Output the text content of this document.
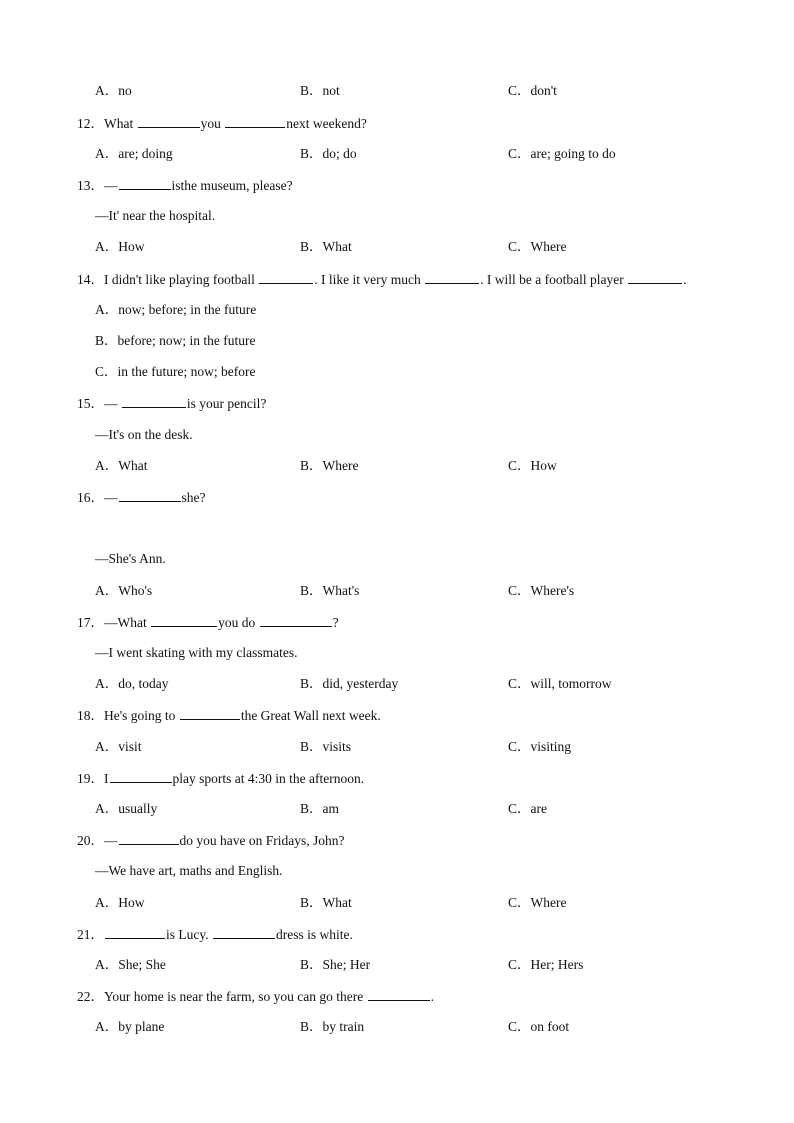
A．no	B．not	C．don't
12．What	you	next weekend?
A．are; doing	B．do; do	C．are; going to do
13．—	isthe museum, please?
—It' near the hospital.
A．How	B．What	C．Where
14．I didn't like playing football	. I like it very much	. I will be a football player	.
A．now; before; in the future
B．before; now; in the future
C．in the future; now; before
15．—	is your pencil?
—It's on the desk.
A．What	B．Where	C．How
16．—	she?
—She's Ann.
A．Who's	B．What's	C．Where's
17．—What	you do	?
—I went skating with my classmates.
A．do, today	B．did, yesterday	C．will, tomorrow
18．He's going to	the Great Wall next week.
A．visit	B．visits	C．visiting
19．I	play sports at 4:30 in the afternoon.
A．usually	B．am	C．are
20．—	do you have on Fridays, John?
—We have art, maths and English.
A．How	B．What	C．Where
21．	is Lucy.	dress is white.
A．She; She	B．She; Her	C．Her; Hers
22．Your home is near the farm, so you can go there	.
A．by plane	B．by train	C．on foot
